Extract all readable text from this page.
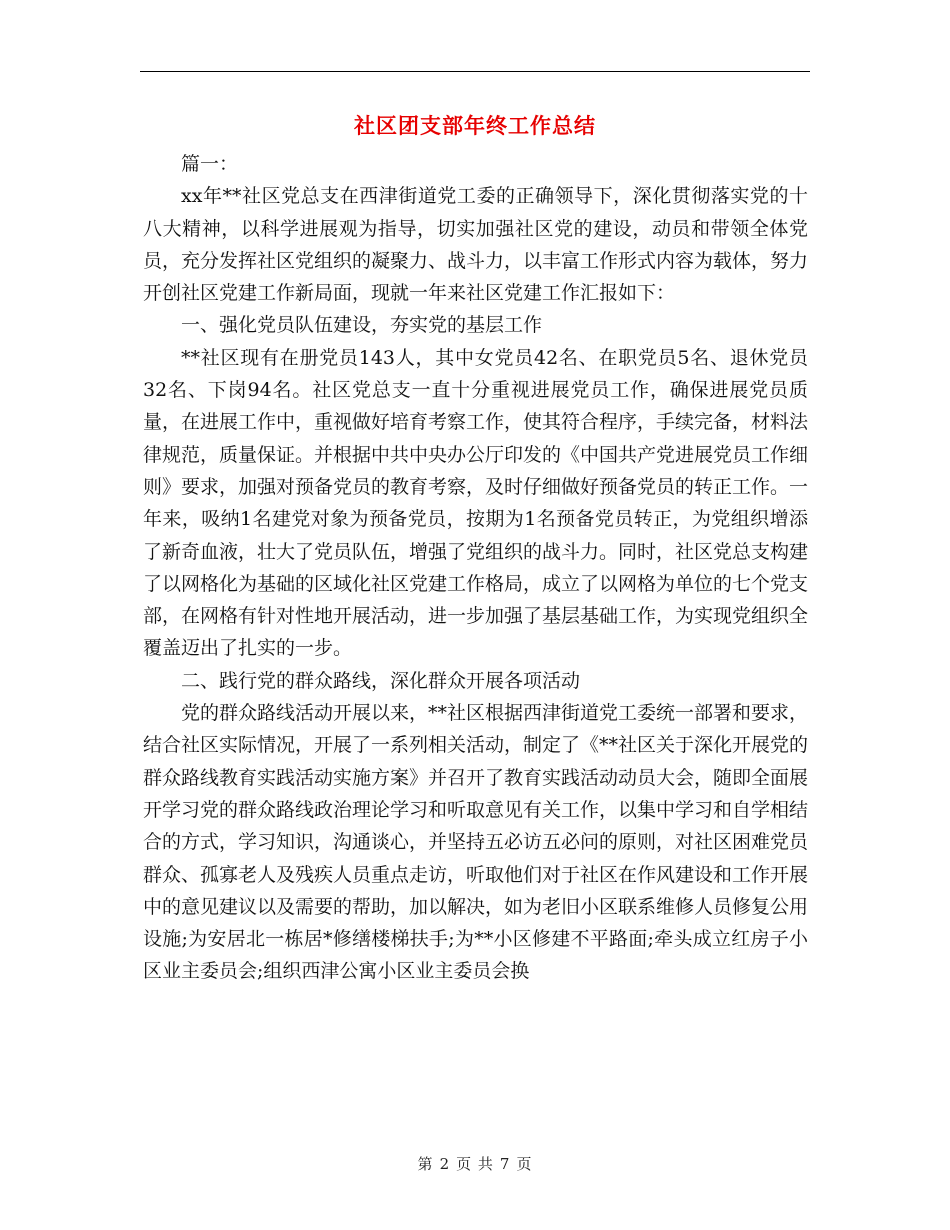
社区团支部年终工作总结

篇一：

xx年**社区党总支在西津街道党工委的正确领导下，深化贯彻落实党的十八大精神，以科学进展观为指导，切实加强社区党的建设，动员和带领全体党员，充分发挥社区党组织的凝聚力、战斗力，以丰富工作形式内容为载体，努力开创社区党建工作新局面，现就一年来社区党建工作汇报如下：

一、强化党员队伍建设，夯实党的基层工作

**社区现有在册党员143人，其中女党员42名、在职党员5名、退休党员32名、下岗94名。社区党总支一直十分重视进展党员工作，确保进展党员质量，在进展工作中，重视做好培育考察工作，使其符合程序，手续完备，材料法律规范，质量保证。并根据中共中央办公厅印发的《中国共产党进展党员工作细则》要求，加强对预备党员的教育考察，及时仔细做好预备党员的转正工作。一年来，吸纳1名建党对象为预备党员，按期为1名预备党员转正，为党组织增添了新奇血液，壮大了党员队伍，增强了党组织的战斗力。同时，社区党总支构建了以网格化为基础的区域化社区党建工作格局，成立了以网格为单位的七个党支部，在网格有针对性地开展活动，进一步加强了基层基础工作，为实现党组织全覆盖迈出了扎实的一步。

二、践行党的群众路线，深化群众开展各项活动

党的群众路线活动开展以来，**社区根据西津街道党工委统一部署和要求，结合社区实际情况，开展了一系列相关活动，制定了《**社区关于深化开展党的群众路线教育实践活动实施方案》并召开了教育实践活动动员大会，随即全面展开学习党的群众路线政治理论学习和听取意见有关工作，以集中学习和自学相结合的方式，学习知识，沟通谈心，并坚持五必访五必问的原则，对社区困难党员群众、孤寡老人及残疾人员重点走访，听取他们对于社区在作风建设和工作开展中的意见建议以及需要的帮助，加以解决，如为老旧小区联系维修人员修复公用设施;为安居北一栋居*修缮楼梯扶手;为**小区修建不平路面;牵头成立红房子小区业主委员会;组织西津公寓小区业主委员会换

第 2 页 共 7 页
